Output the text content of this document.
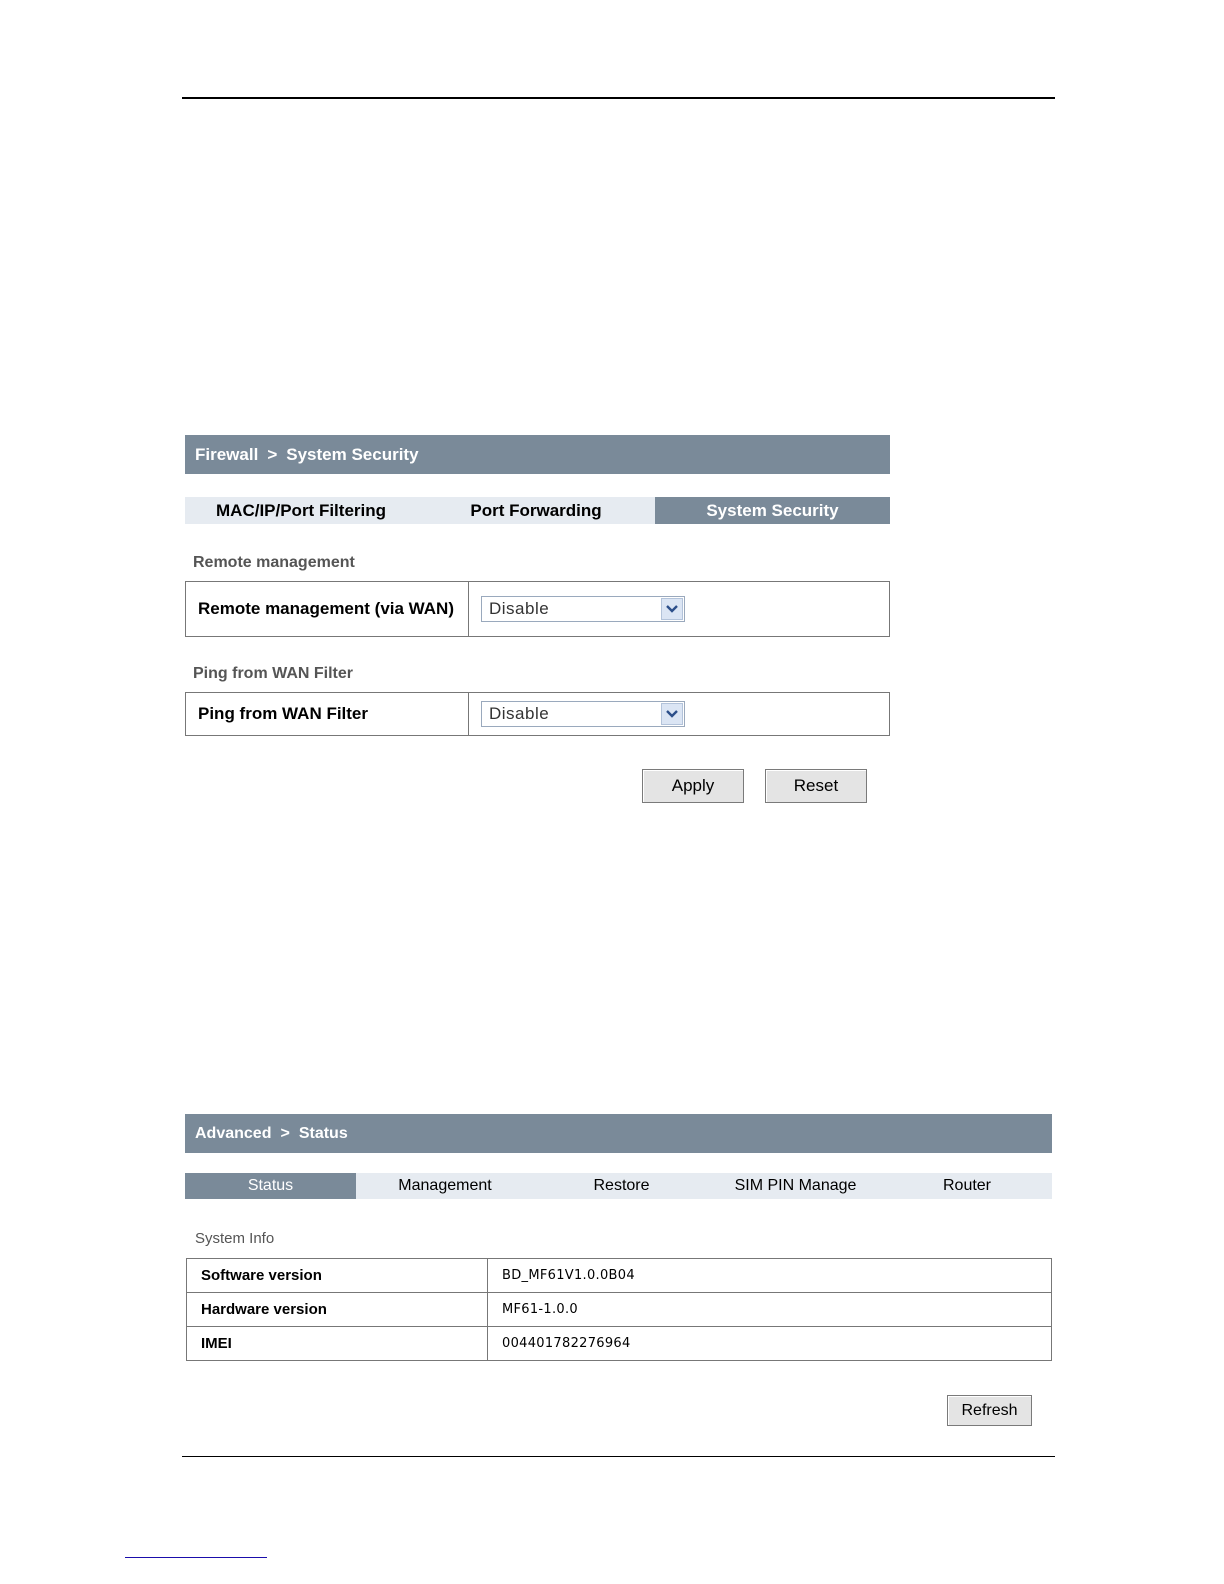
Firewall > System Security
MAC/IP/Port Filtering	Port Forwarding	System Security
Remote management
Remote management (via WAN)	Disable
Ping from WAN Filter
Ping from WAN Filter	Disable
Apply	Reset
Advanced > Status
Status	Management	Restore	SIM PIN Manage	Router
System Info
Software version	BD_MF61V1.0.0B04
Hardware version	MF61-1.0.0
IMEI	004401782276964
Refresh
